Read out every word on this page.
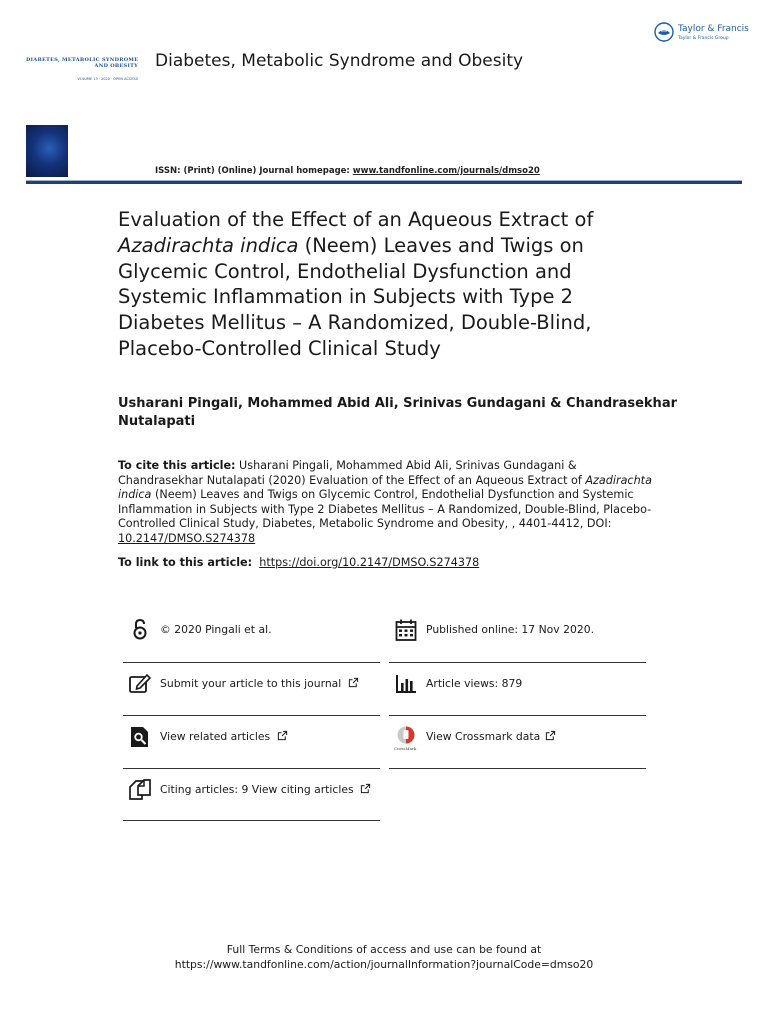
Taylor & Francis
Taylor & Francis Group
DIABETES, METABOLIC SYNDROME
AND OBESITY
VOLUME 13 · 2020 · OPEN ACCESS
Diabetes, Metabolic Syndrome and Obesity
ISSN: (Print) (Online) Journal homepage: www.tandfonline.com/journals/dmso20
Evaluation of the Effect of an Aqueous Extract of
Azadirachta indica (Neem) Leaves and Twigs on
Glycemic Control, Endothelial Dysfunction and
Systemic Inflammation in Subjects with Type 2
Diabetes Mellitus – A Randomized, Double-Blind,
Placebo-Controlled Clinical Study
Usharani Pingali, Mohammed Abid Ali, Srinivas Gundagani & Chandrasekhar
Nutalapati
To cite this article: Usharani Pingali, Mohammed Abid Ali, Srinivas Gundagani & Chandrasekhar Nutalapati (2020) Evaluation of the Effect of an Aqueous Extract of Azadirachta indica (Neem) Leaves and Twigs on Glycemic Control, Endothelial Dysfunction and Systemic Inflammation in Subjects with Type 2 Diabetes Mellitus – A Randomized, Double-Blind, Placebo-Controlled Clinical Study, Diabetes, Metabolic Syndrome and Obesity, , 4401-4412, DOI: 10.2147/DMSO.S274378
To link to this article: https://doi.org/10.2147/DMSO.S274378
© 2020 Pingali et al.	Published online: 17 Nov 2020.
Submit your article to this journal	Article views: 879
View related articles
CrossMark
View Crossmark data
Citing articles: 9 View citing articles
Full Terms & Conditions of access and use can be found at
https://www.tandfonline.com/action/journalInformation?journalCode=dmso20
